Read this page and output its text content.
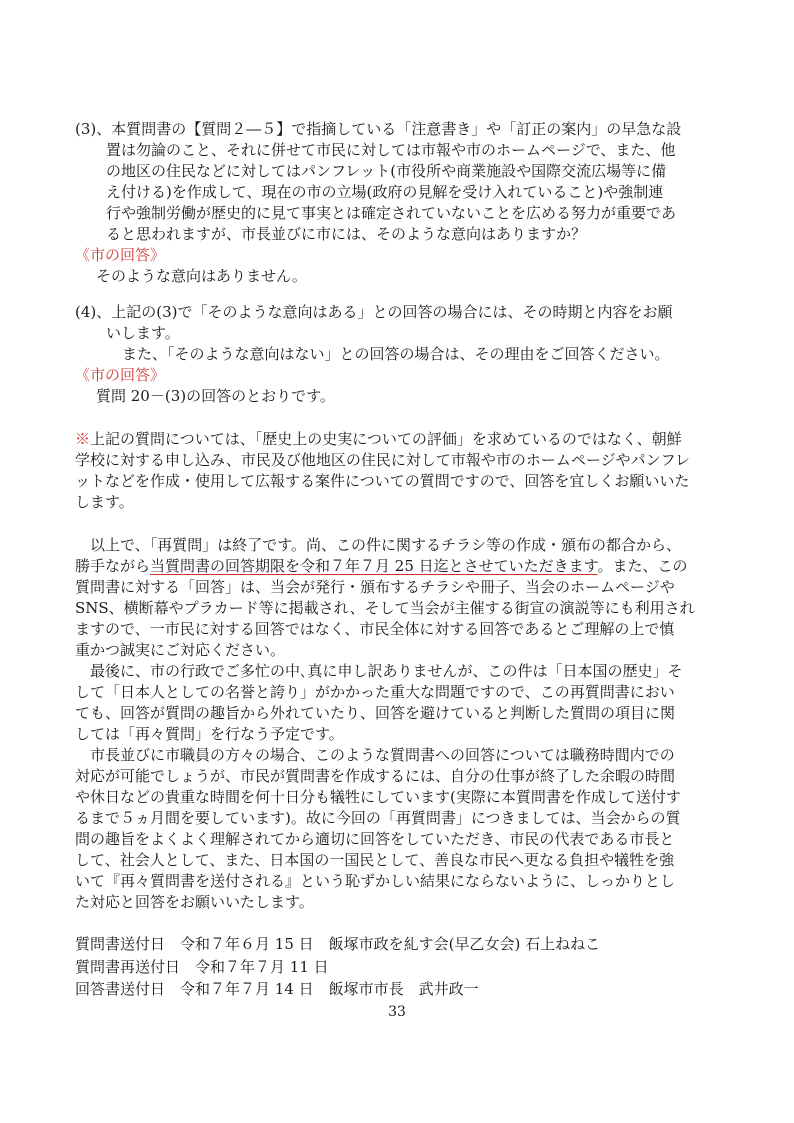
(3)、本質問書の【質問２―５】で指摘している「注意書き」や「訂正の案内」の早急な設
置は勿論のこと、それに併せて市民に対しては市報や市のホームページで、また、他
の地区の住民などに対してはパンフレット(市役所や商業施設や国際交流広場等に備
え付ける)を作成して、現在の市の立場(政府の見解を受け入れていること)や強制連
行や強制労働が歴史的に見て事実とは確定されていないことを広める努力が重要であ
ると思われますが、市長並びに市には、そのような意向はありますか？
《市の回答》
そのような意向はありません。
(4)、上記の(3)で「そのような意向はある」との回答の場合には、その時期と内容をお願
いします。
また、「そのような意向はない」との回答の場合は、その理由をご回答ください。
《市の回答》
質問 20－(3)の回答のとおりです。
※上記の質問については、「歴史上の史実についての評価」を求めているのではなく、朝鮮
学校に対する申し込み、市民及び他地区の住民に対して市報や市のホームページやパンフレ
ットなどを作成・使用して広報する案件についての質問ですので、回答を宜しくお願いいた
します。
以上で、「再質問」は終了です。尚、この件に関するチラシ等の作成・頒布の都合から、
勝手ながら当質問書の回答期限を令和７年７月 25 日迄とさせていただきます。また、この
質問書に対する「回答」は、当会が発行・頒布するチラシや冊子、当会のホームページや
SNS、横断幕やプラカード等に掲載され、そして当会が主催する街宣の演説等にも利用され
ますので、一市民に対する回答ではなく、市民全体に対する回答であるとご理解の上で慎
重かつ誠実にご対応ください。
最後に、市の行政でご多忙の中､真に申し訳ありませんが、この件は「日本国の歴史」そ
して「日本人としての名誉と誇り」がかかった重大な問題ですので、この再質問書におい
ても、回答が質問の趣旨から外れていたり、回答を避けていると判断した質問の項目に関
しては「再々質問」を行なう予定です。
市長並びに市職員の方々の場合、このような質問書への回答については職務時間内での
対応が可能でしょうが、市民が質問書を作成するには、自分の仕事が終了した余暇の時間
や休日などの貴重な時間を何十日分も犠牲にしています(実際に本質問書を作成して送付す
るまで５ヵ月間を要しています)。故に今回の「再質問書」につきましては、当会からの質
問の趣旨をよくよく理解されてから適切に回答をしていただき、市民の代表である市長と
して、社会人として、また、日本国の一国民として、善良な市民へ更なる負担や犠牲を強
いて『再々質問書を送付される』という恥ずかしい結果にならないように、しっかりとし
た対応と回答をお願いいたします。
質問書送付日　令和７年６月 15 日　飯塚市政を糺す会(早乙女会) 石上ねねこ
質問書再送付日　令和７年７月 11 日
回答書送付日　令和７年７月 14 日　飯塚市市長　武井政一
33
